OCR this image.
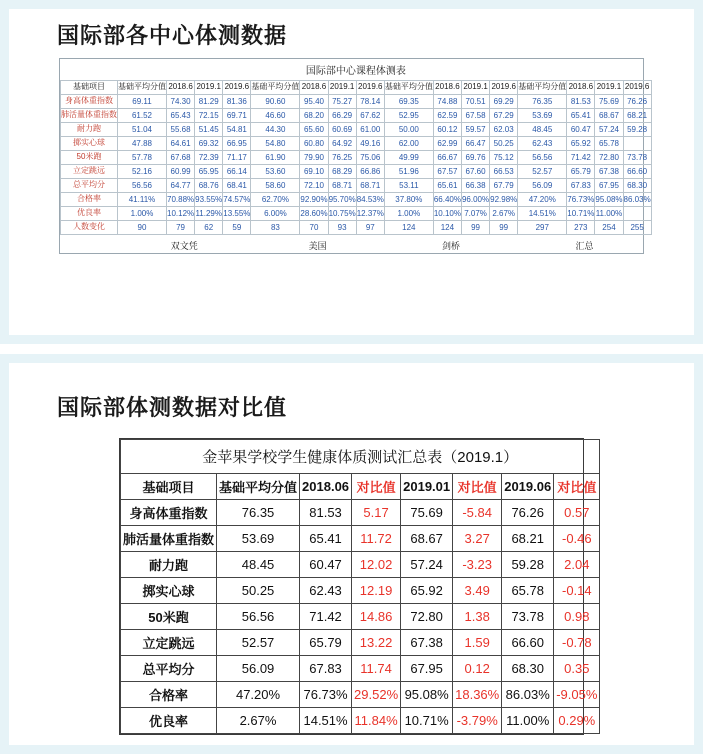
国际部各中心体测数据
国际部中心课程体测表																
基础项目	基础平均分值	2018.6	2019.1	2019.6	基础平均分值	2018.6	2019.1	2019.6	基础平均分值	2018.6	2019.1	2019.6	基础平均分值	2018.6	2019.1	2019.6
身高体重指数	69.11	74.30	81.29	81.36	90.60	95.40	75.27	78.14	69.35	74.88	70.51	69.29	76.35	81.53	75.69	76.26
肺活量体重指数	61.52	65.43	72.15	69.71	46.60	68.20	66.29	67.62	52.95	62.59	67.58	67.29	53.69	65.41	68.67	68.21
耐力跑	51.04	55.68	51.45	54.81	44.30	65.60	60.69	61.00	50.00	60.12	59.57	62.03	48.45	60.47	57.24	59.28
掷实心球	47.88	64.61	69.32	66.95	54.80	60.80	64.92	49.16	62.00	62.99	66.47	50.25	62.43	65.92	65.78	
50米跑	57.78	67.68	72.39	71.17	61.90	79.90	76.25	75.06	49.99	66.67	69.76	75.12	56.56	71.42	72.80	73.78
立定跳远	52.16	60.99	65.95	66.14	53.60	69.10	68.29	66.86	51.96	67.57	67.60	66.53	52.57	65.79	67.38	66.60
总平均分	56.56	64.77	68.76	68.41	58.60	72.10	68.71	68.71	53.11	65.61	66.38	67.79	56.09	67.83	67.95	68.30
合格率	41.11%	70.88%	93.55%	74.57%	62.70%	92.90%	95.70%	84.53%	37.80%	66.40%	96.00%	92.98%	47.20%	76.73%	95.08%	86.03%
优良率	1.00%	10.12%	11.29%	13.55%	6.00%	28.60%	10.75%	12.37%	1.00%	10.10%	7.07%	2.67%	14.51%	10.71%	11.00%	
人数变化	90	79	62	59	83	70	93	97	124	124	99	99	297	273	254	255
	双文凭				美国				剑桥				汇总			
国际部体测数据对比值
金苹果学校学生健康体质测试汇总表（2019.1）							
基础项目	基础平均分值	2018.06	对比值	2019.01	对比值	2019.06	对比值
身高体重指数	76.35	81.53	5.17	75.69	-5.84	76.26	0.57
肺活量体重指数	53.69	65.41	11.72	68.67	3.27	68.21	-0.46
耐力跑	48.45	60.47	12.02	57.24	-3.23	59.28	2.04
掷实心球	50.25	62.43	12.19	65.92	3.49	65.78	-0.14
50米跑	56.56	71.42	14.86	72.80	1.38	73.78	0.98
立定跳远	52.57	65.79	13.22	67.38	1.59	66.60	-0.78
总平均分	56.09	67.83	11.74	67.95	0.12	68.30	0.35
合格率	47.20%	76.73%	29.52%	95.08%	18.36%	86.03%	-9.05%
优良率	2.67%	14.51%	11.84%	10.71%	-3.79%	11.00%	0.29%
